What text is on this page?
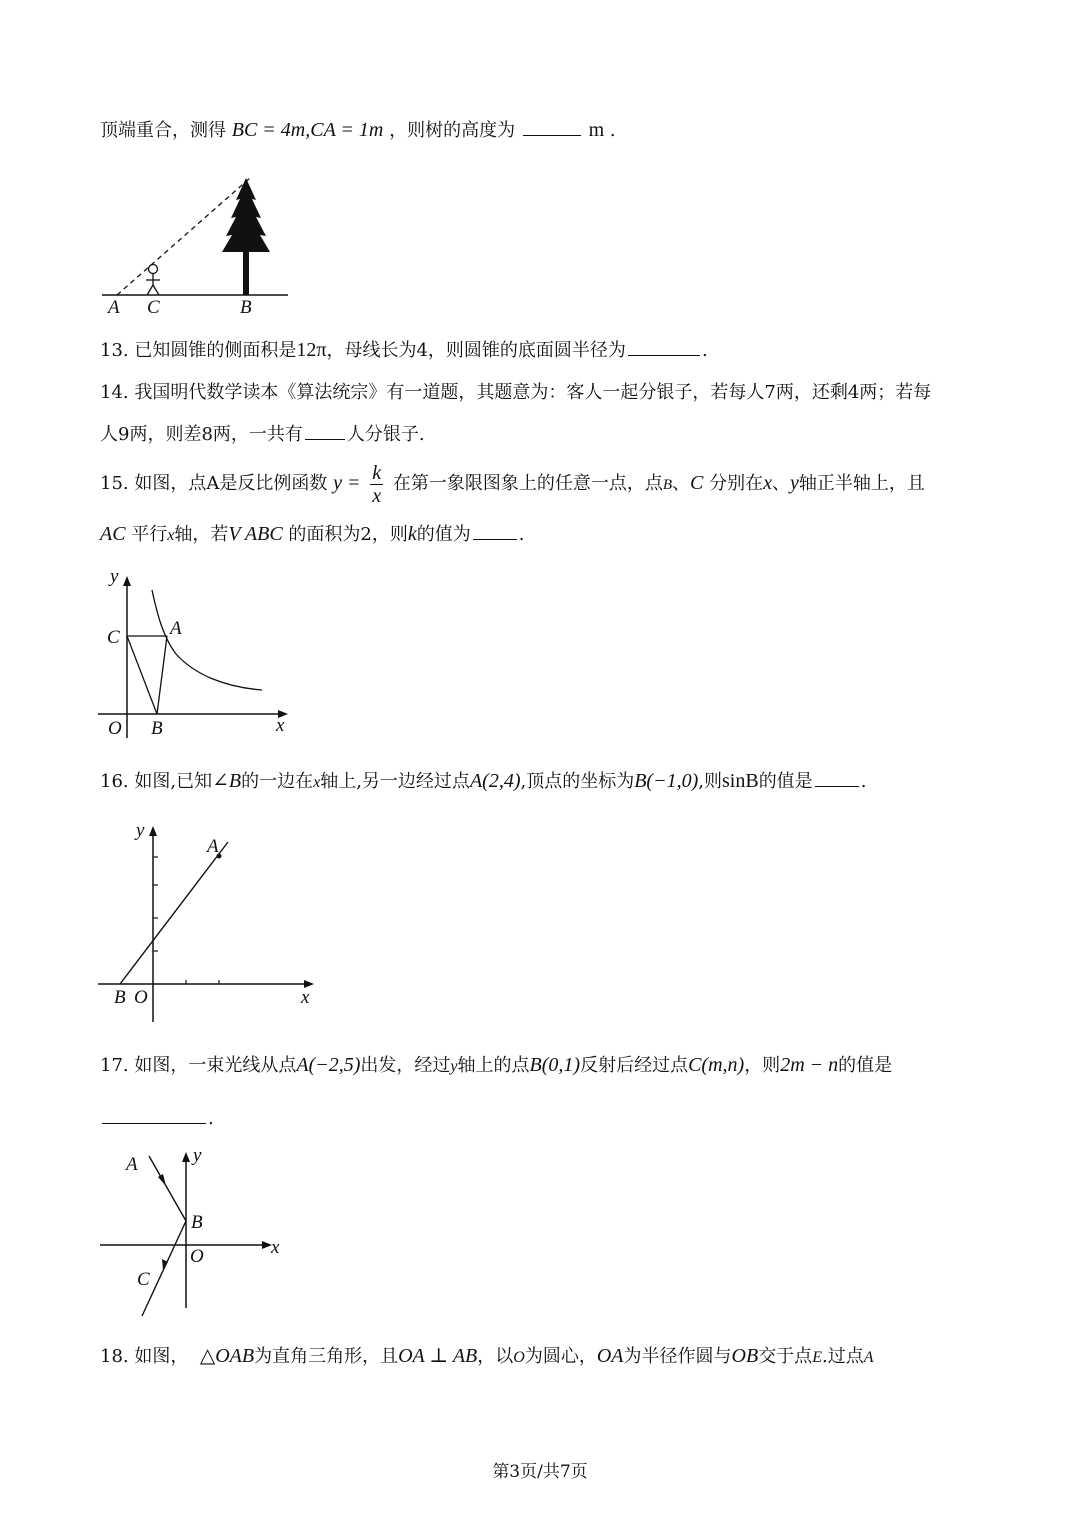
顶端重合，测得 BC = 4m,CA = 1m ，则树的高度为	m .
A C	B
13. 已知圆锥的侧面积是12π，母线长为4，则圆锥的底面圆半径为	.
14. 我国明代数学读本《算法统宗》有一道题，其题意为：客人一起分银子，若每人7两，还剩4两；若每
人9两，则差8两，一共有 人分银子.
15. 如图，点A是反比例函数 $y = \frac{k}{x}$ 在第一象限图象上的任意一点，点B、C 分别在x、y轴正半轴上，且
AC 平行x轴，若V ABC 的面积为2，则k的值为	.
y
C	A
O B	x
16. 如图,已知∠B的一边在x轴上,另一边经过点A(2,4),顶点的坐标为B(−1,0),则sinB的值是	.
y
A
B O	x
17. 如图，一束光线从点A(−2,5)出发，经过y轴上的点B(0,1)反射后经过点C(m,n)，则2m − n的值是
.
A	y
B
x
O
C
18. 如图， △OAB为直角三角形，且OA ⊥ AB，以O为圆心，OA为半径作圆与OB交于点E.过点A
第3页/共7页
